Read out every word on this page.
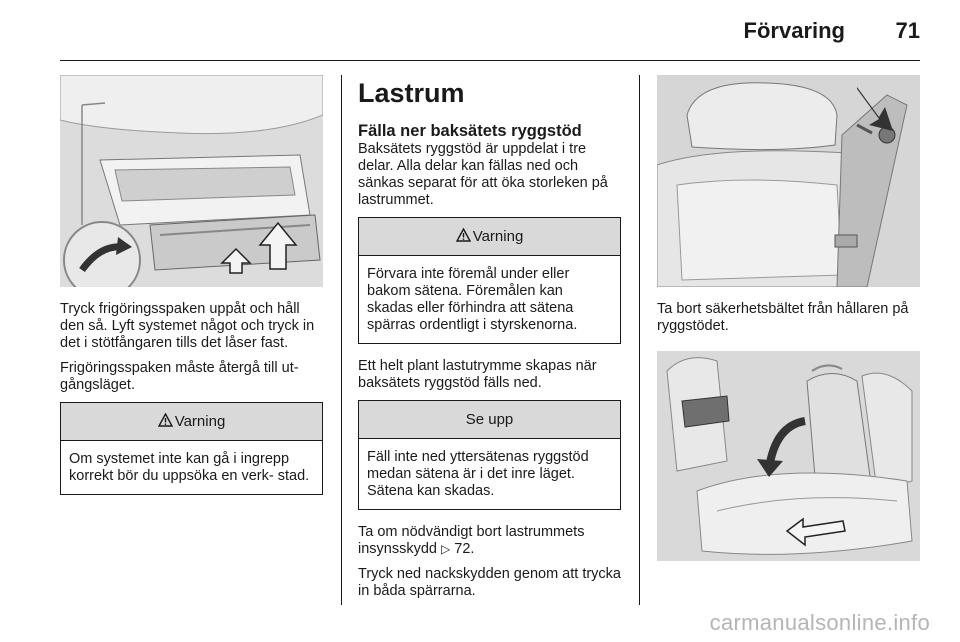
Förvaring	71

Tryck frigöringsspaken uppåt och håll den så. Lyft systemet något och tryck in det i stötfångaren tills det låser fast.

Frigöringsspaken måste återgå till ut- gångsläget.

Varning
Om systemet inte kan gå i ingrepp korrekt bör du uppsöka en verk- stad.
Lastrum
Fälla ner baksätets ryggstöd

Baksätets ryggstöd är uppdelat i tre delar. Alla delar kan fällas ned och sänkas separat för att öka storleken på lastrummet.

Varning
Förvara inte föremål under eller bakom sätena. Föremålen kan skadas eller förhindra att sätena spärras ordentligt i styrskenorna.

Ett helt plant lastutrymme skapas när baksätets ryggstöd fälls ned.

Se upp
Fäll inte ned yttersätenas ryggstöd medan sätena är i det inre läget. Sätena kan skadas.

Ta om nödvändigt bort lastrummets insynsskydd ▷ 72.

Tryck ned nackskydden genom att trycka in båda spärrarna.

Ta bort säkerhetsbältet från hållaren på ryggstödet.

carmanualsonline.info
